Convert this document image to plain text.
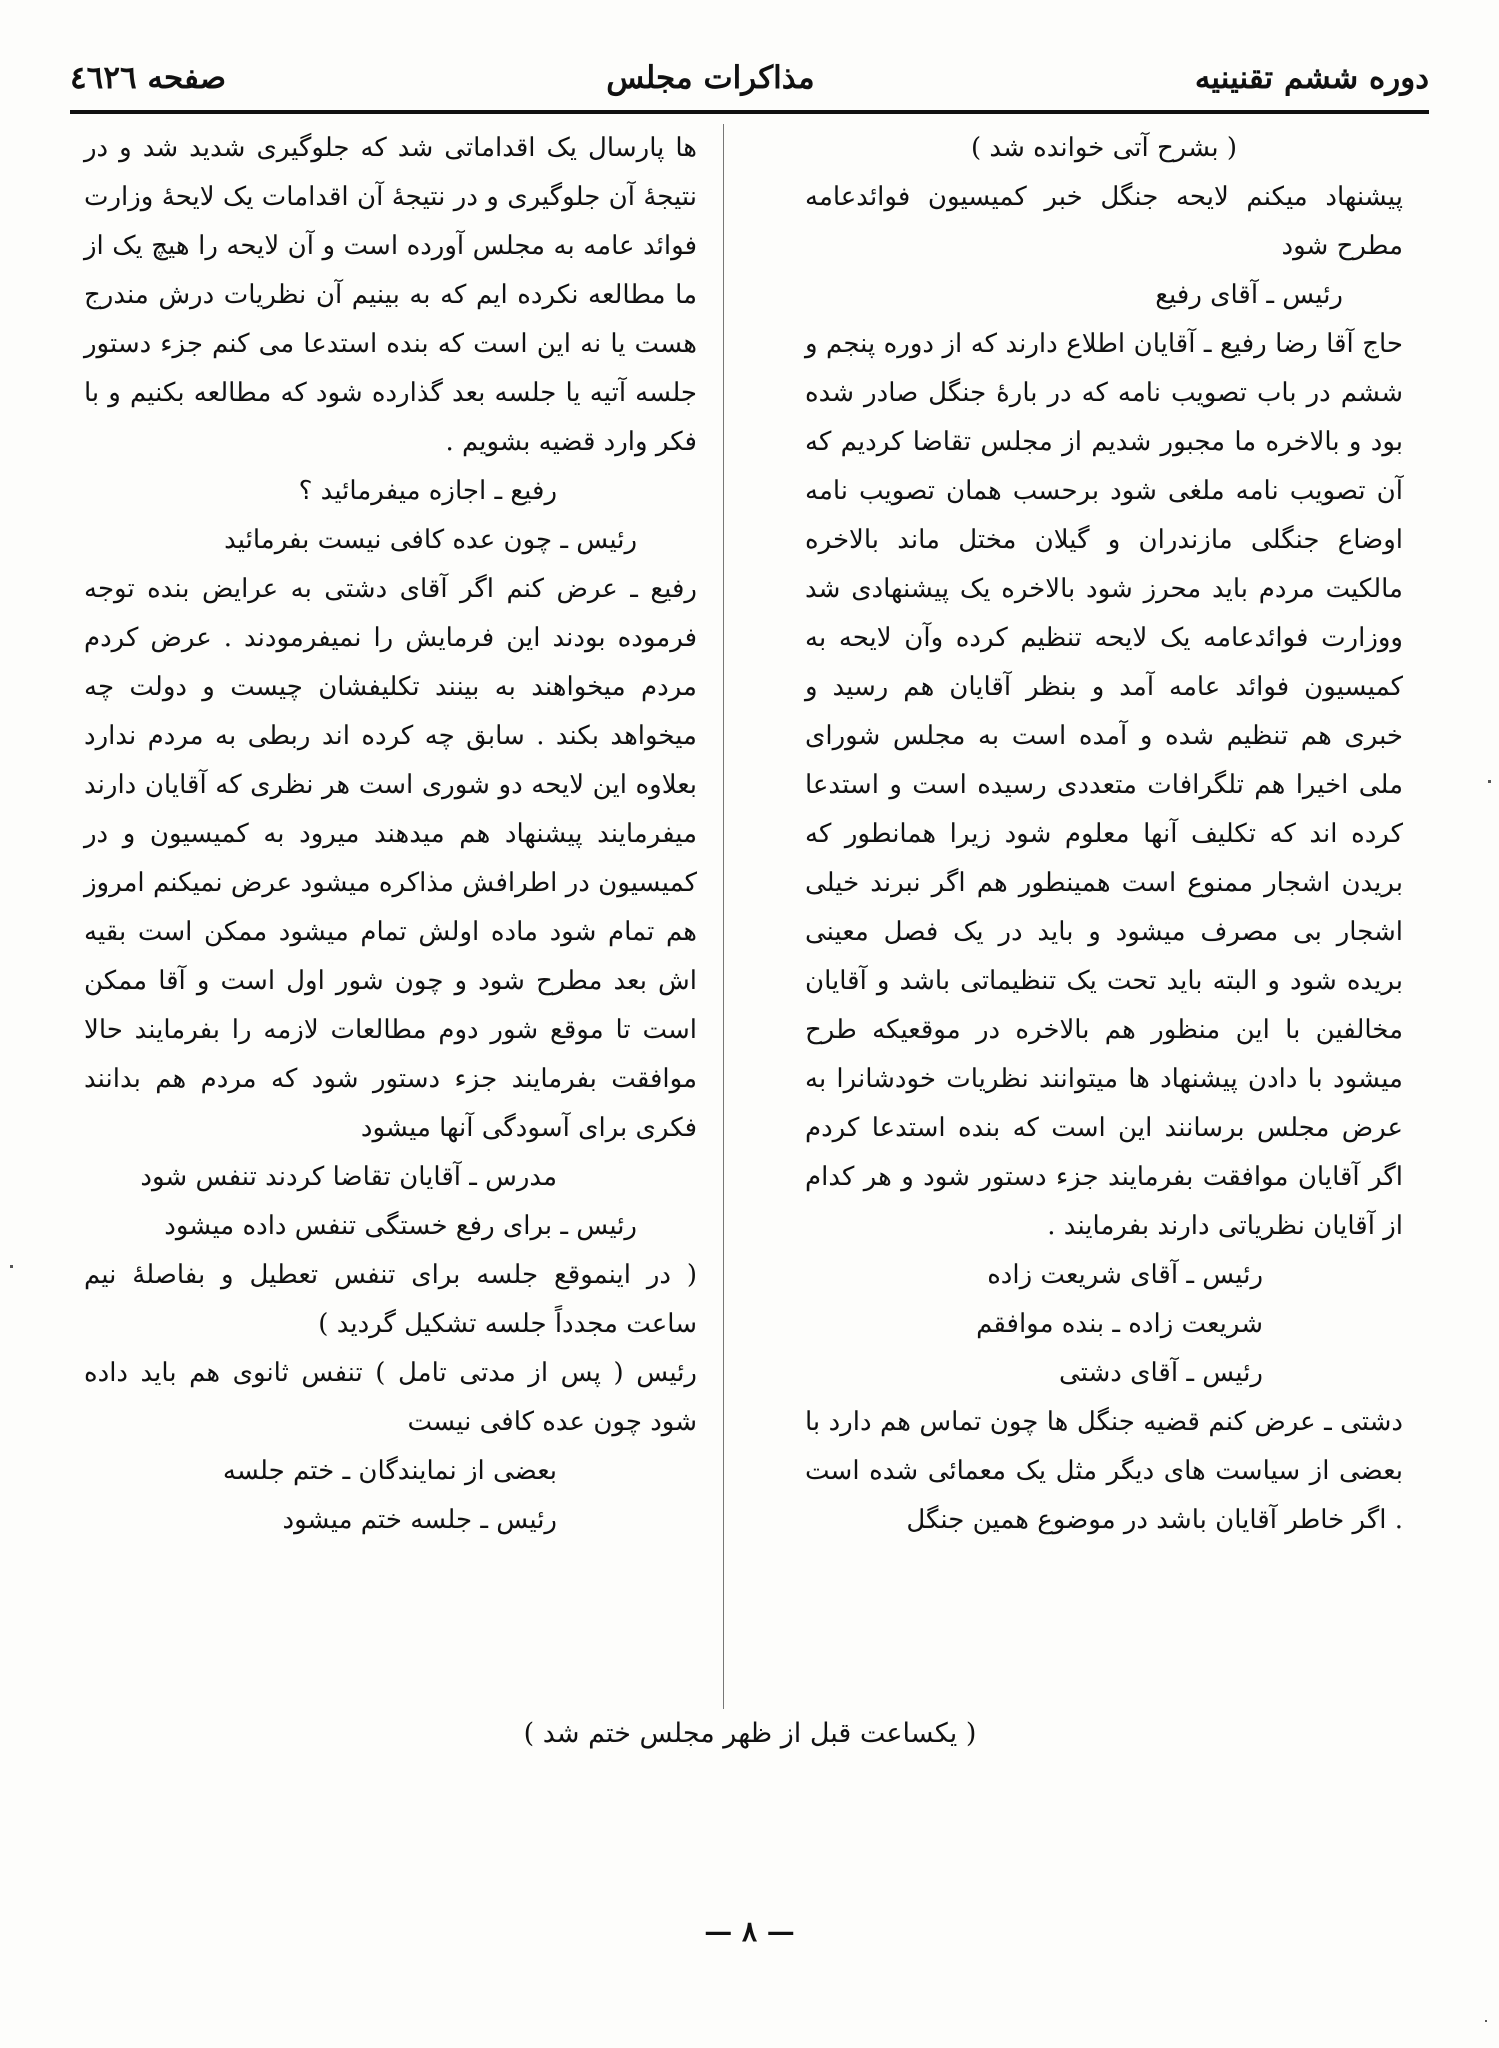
دوره ششم تقنینیه
مذاکرات مجلس
صفحه ٤٦٢٦

( بشرح آتی خوانده شد )

پیشنهاد میکنم لایحه جنگل خبر کمیسیون فوائدعامه مطرح شود

رئیس ـ آقای رفیع

حاج آقا رضا رفیع ـ آقایان اطلاع دارند که از دوره پنجم و ششم در باب تصویب نامه که در بارهٔ جنگل صادر شده بود و بالاخره ما مجبور شدیم از مجلس تقاضا کردیم که آن تصویب نامه ملغی شود برحسب همان تصویب نامه اوضاع جنگلی مازندران و گیلان مختل ماند بالاخره مالکیت مردم باید محرز شود بالاخره یک پیشنهادی شد ووزارت فوائدعامه یک لایحه تنظیم کرده وآن لایحه به کمیسیون فوائد عامه آمد و بنظر آقایان هم رسید و خبری هم تنظیم شده و آمده است به مجلس شورای ملی اخیرا هم تلگرافات متعددی رسیده است و استدعا کرده اند که تکلیف آنها معلوم شود زیرا همانطور که بریدن اشجار ممنوع است همینطور هم اگر نبرند خیلی اشجار بی مصرف میشود و باید در یک فصل معینی بریده شود و البته باید تحت یک تنظیماتی باشد و آقایان مخالفین با این منظور هم بالاخره در موقعیکه طرح میشود با دادن پیشنهاد ها میتوانند نظریات خودشانرا به عرض مجلس برسانند این است که بنده استدعا کردم اگر آقایان موافقت بفرمایند جزء دستور شود و هر کدام از آقایان نظریاتی دارند بفرمایند .

رئیس ـ آقای شریعت زاده

شریعت زاده ـ بنده موافقم

رئیس ـ آقای دشتی

دشتی ـ عرض کنم قضیه جنگل ها چون تماس هم دارد با بعضی از سیاست های دیگر مثل یک معمائی شده است . اگر خاطر آقایان باشد در موضوع همین جنگل

ها پارسال یک اقداماتی شد که جلوگیری شدید شد و در نتیجهٔ آن جلوگیری و در نتیجهٔ آن اقدامات یک لایحهٔ وزارت فوائد عامه به مجلس آورده است و آن لایحه را هیچ یک از ما مطالعه نکرده ایم که به بینیم آن نظریات درش مندرج هست یا نه این است که بنده استدعا می کنم جزء دستور جلسه آتیه یا جلسه بعد گذارده شود که مطالعه بکنیم و با فکر وارد قضیه بشویم .

رفیع ـ اجازه میفرمائید ؟

رئیس ـ چون عده کافی نیست بفرمائید

رفیع ـ عرض کنم اگر آقای دشتی به عرایض بنده توجه فرموده بودند این فرمایش را نمیفرمودند . عرض کردم مردم میخواهند به بینند تکلیفشان چیست و دولت چه میخواهد بکند . سابق چه کرده اند ربطی به مردم ندارد بعلاوه این لایحه دو شوری است هر نظری که آقایان دارند میفرمایند پیشنهاد هم میدهند میرود به کمیسیون و در کمیسیون در اطرافش مذاکره میشود عرض نمیکنم امروز هم تمام شود ماده اولش تمام میشود ممکن است بقیه اش بعد مطرح شود و چون شور اول است و آقا ممکن است تا موقع شور دوم مطالعات لازمه را بفرمایند حالا موافقت بفرمایند جزء دستور شود که مردم هم بدانند فکری برای آسودگی آنها میشود

مدرس ـ آقایان تقاضا کردند تنفس شود

رئیس ـ برای رفع خستگی تنفس داده میشود

( در اینموقع جلسه برای تنفس تعطیل و بفاصلهٔ نیم ساعت مجدداً جلسه تشکیل گردید )

رئیس ( پس از مدتی تامل ) تنفس ثانوی هم باید داده شود چون عده کافی نیست

بعضی از نمایندگان ـ ختم جلسه

رئیس ـ جلسه ختم میشود

( یکساعت قبل از ظهر مجلس ختم شد )
— ٨ —
